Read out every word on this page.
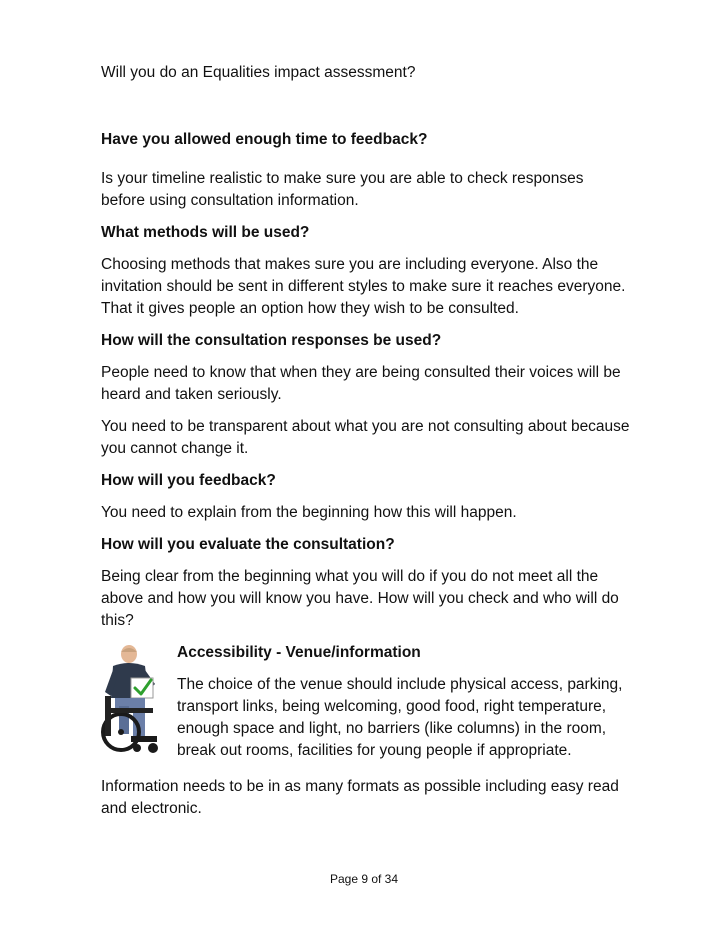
Will you do an Equalities impact assessment?

Have you allowed enough time to feedback?

Is your timeline realistic to make sure you are able to check responses before using consultation information.

What methods will be used?

Choosing methods that makes sure you are including everyone. Also the invitation should be sent in different styles to make sure it reaches everyone. That it gives people an option how they wish to be consulted.

How will the consultation responses be used?

People need to know that when they are being consulted their voices will be heard and taken seriously.

You need to be transparent about what you are not consulting about because you cannot change it.

How will you feedback?

You need to explain from the beginning how this will happen.

How will you evaluate the consultation?

Being clear from the beginning what you will do if you do not meet all the above and how you will know you have. How will you check and who will do this?

Accessibility - Venue/information

The choice of the venue should include physical access, parking, transport links, being welcoming, good food, right temperature, enough space and light, no barriers (like columns) in the room, break out rooms, facilities for young people if appropriate.

Information needs to be in as many formats as possible including easy read and electronic.

Page 9 of 34
